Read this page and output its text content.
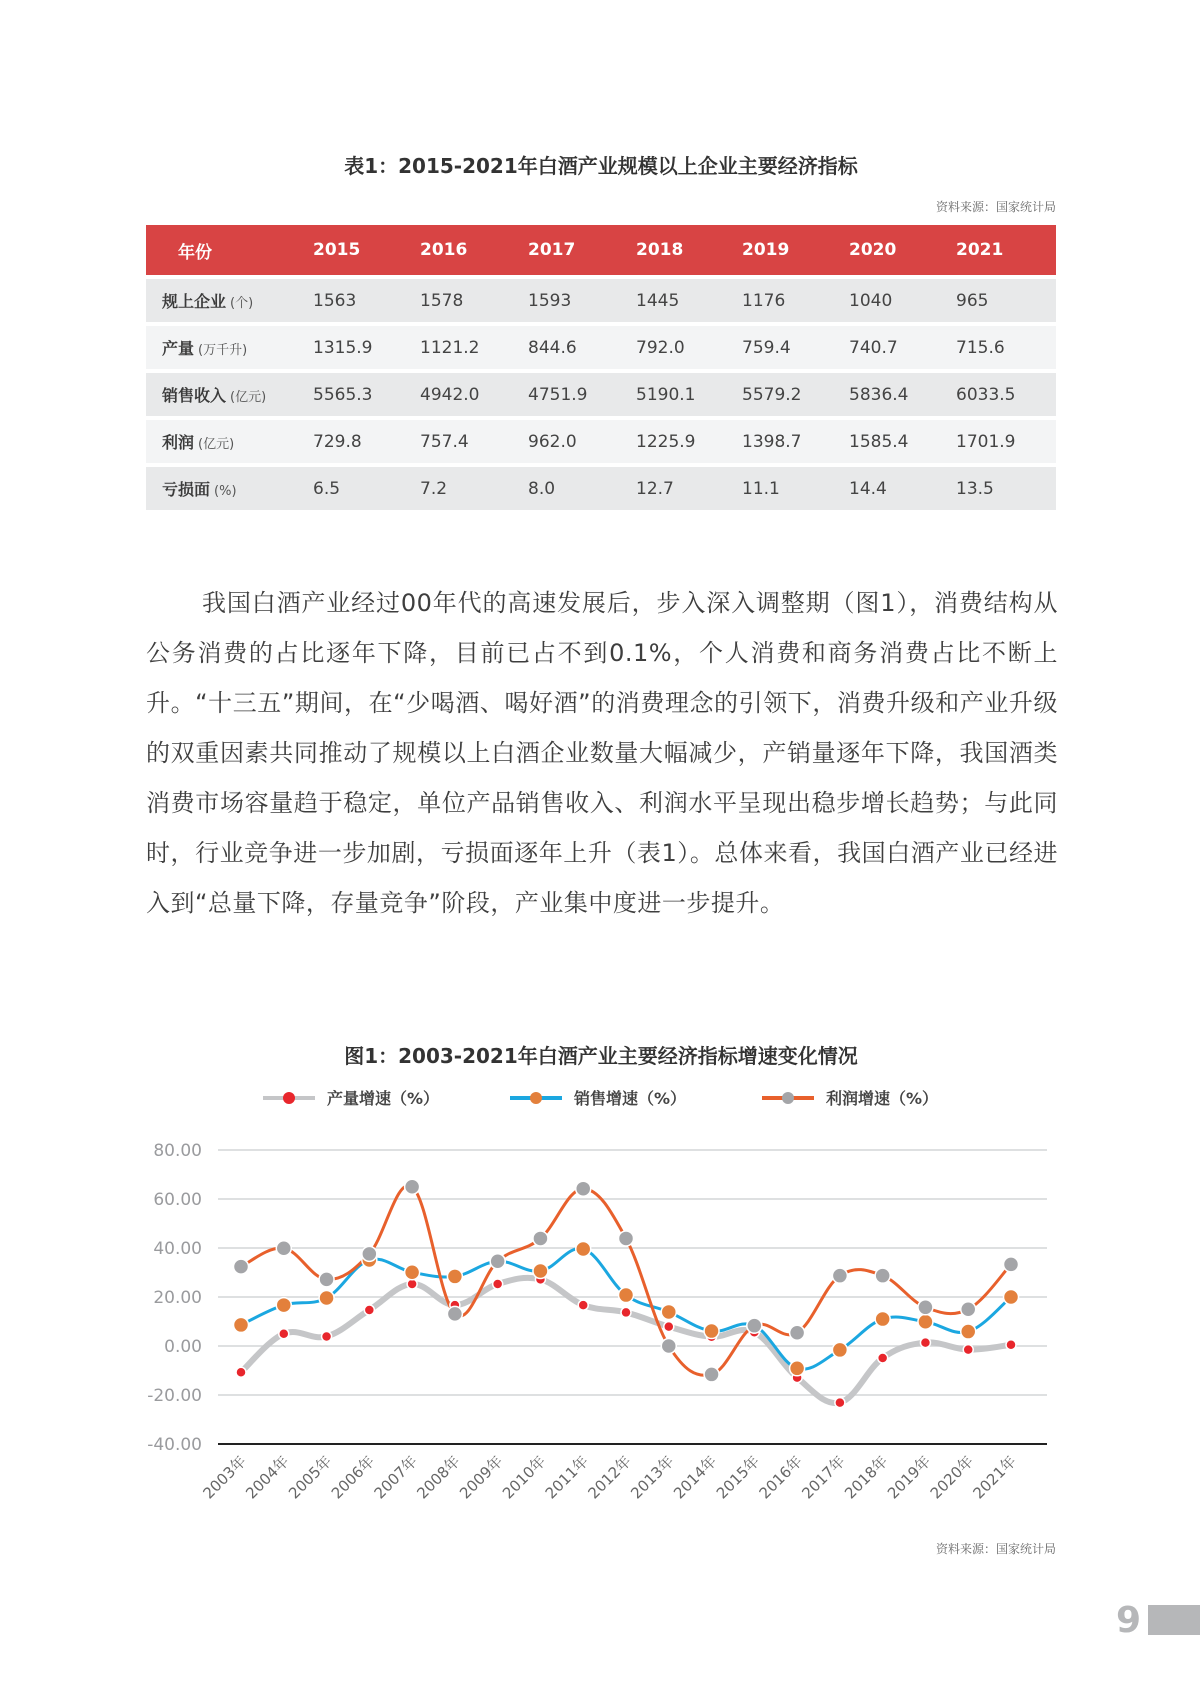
表1：2015-2021年白酒产业规模以上企业主要经济指标
资料来源：国家统计局
年份	2015	2016	2017	2018	2019	2020	2021
规上企业 (个)	1563	1578	1593	1445	1176	1040	965
产量 (万千升)	1315.9	1121.2	844.6	792.0	759.4	740.7	715.6
销售收入 (亿元)	5565.3	4942.0	4751.9	5190.1	5579.2	5836.4	6033.5
利润 (亿元)	729.8	757.4	962.0	1225.9	1398.7	1585.4	1701.9
亏损面 (%)	6.5	7.2	8.0	12.7	11.1	14.4	13.5
我国白酒产业经过00年代的高速发展后，步入深入调整期（图1），消费结构从公务消费的占比逐年下降，目前已占不到0.1%，个人消费和商务消费占比不断上升。“十三五”期间，在“少喝酒、喝好酒”的消费理念的引领下，消费升级和产业升级的双重因素共同推动了规模以上白酒企业数量大幅减少，产销量逐年下降，我国酒类消费市场容量趋于稳定，单位产品销售收入、利润水平呈现出稳步增长趋势；与此同时，行业竞争进一步加剧，亏损面逐年上升（表1）。总体来看，我国白酒产业已经进入到“总量下降，存量竞争”阶段，产业集中度进一步提升。
图1：2003-2021年白酒产业主要经济指标增速变化情况
产量增速（%）	销售增速（%）	利润增速（%）
80.00
60.00
40.00
20.00
0.00
-20.00
-40.00
2003年
2004年
2005年
2006年
2007年
2008年
2009年
2010年
2011年
2012年
2013年
2014年
2015年
2016年
2017年
2018年
2019年
2020年
2021年
资料来源：国家统计局
9
